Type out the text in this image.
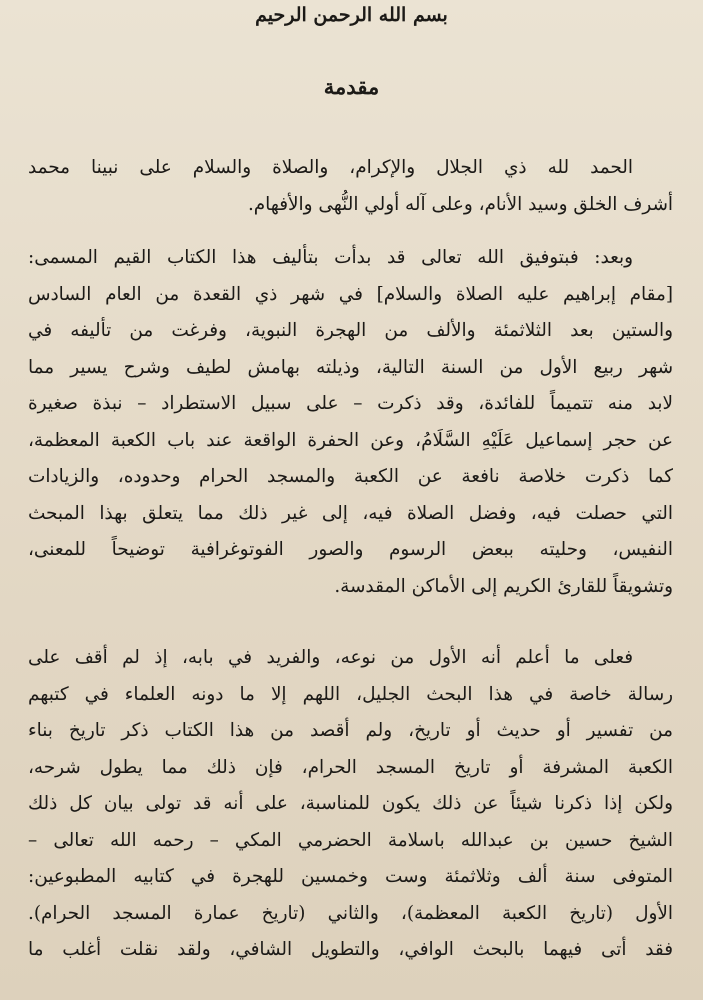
بسم الله الرحمن الرحيم
مقدمة
الحمد لله ذي الجلال والإكرام، والصلاة والسلام على نبينا محمد
أشرف الخلق وسيد الأنام، وعلى آله أولي النُّهى والأفهام.
وبعد: فبتوفيق الله تعالى قد بدأت بتأليف هذا الكتاب القيم المسمى:
[مقام إبراهيم عليه الصلاة والسلام] في شهر ذي القعدة من العام السادس
والستين بعد الثلاثمئة والألف من الهجرة النبوية، وفرغت من تأليفه في
شهر ربيع الأول من السنة التالية، وذيلته بهامش لطيف وشرح يسير مما
لابد منه تتميماً للفائدة، وقد ذكرت – على سبيل الاستطراد – نبذة صغيرة
عن حجر إسماعيل عَلَيْهِ السَّلَامُ، وعن الحفرة الواقعة عند باب الكعبة المعظمة،
كما ذكرت خلاصة نافعة عن الكعبة والمسجد الحرام وحدوده، والزيادات
التي حصلت فيه، وفضل الصلاة فيه، إلى غير ذلك مما يتعلق بهذا المبحث
النفيس، وحليته ببعض الرسوم والصور الفوتوغرافية توضيحاً للمعنى،
وتشويقاً للقارئ الكريم إلى الأماكن المقدسة.
فعلى ما أعلم أنه الأول من نوعه، والفريد في بابه، إذ لم أقف على
رسالة خاصة في هذا البحث الجليل، اللهم إلا ما دونه العلماء في كتبهم
من تفسير أو حديث أو تاريخ، ولم أقصد من هذا الكتاب ذكر تاريخ بناء
الكعبة المشرفة أو تاريخ المسجد الحرام، فإن ذلك مما يطول شرحه،
ولكن إذا ذكرنا شيئاً عن ذلك يكون للمناسبة، على أنه قد تولى بيان كل ذلك
الشيخ حسين بن عبدالله باسلامة الحضرمي المكي – رحمه الله تعالى –
المتوفى سنة ألف وثلاثمئة وست وخمسين للهجرة في كتابيه المطبوعين:
الأول (تاريخ الكعبة المعظمة)، والثاني (تاريخ عمارة المسجد الحرام).
فقد أتى فيهما بالبحث الوافي، والتطويل الشافي، ولقد نقلت أغلب ما
